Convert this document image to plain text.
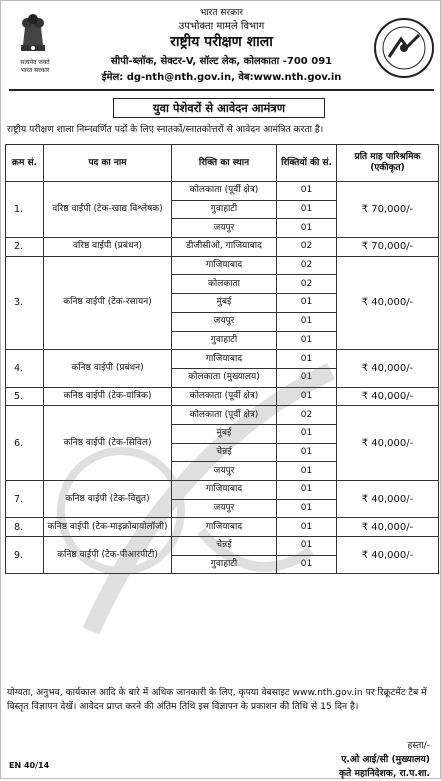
सत्यमेव जयते
भारत सरकार
भारत सरकार
उपभोक्ता मामले विभाग
राष्ट्रीय परीक्षण शाला
सीपी-ब्लॉक, सेक्टर-V, सॉल्ट लेक, कोलकाता -700 091
ईमेल: dg-nth@nth.gov.in, वेब:www.nth.gov.in
युवा पेशेवरों से आवेदन आमंत्रण
राष्ट्रीय परीक्षण शाला निम्नवर्णित पदों के लिए स्नातकों/स्नातकोत्तरों से आवेदन आमंत्रित करता है।
क्रम सं.	पद का नाम	रिक्ति का स्थान	रिक्तियों की सं.	प्रति माह पारिश्रमिक (एकीकृत)
1.	वरिष्ठ वाईपी (टेक-खाद्य विश्लेषक)	कोलकाता (पूर्वी क्षेत्र)	01	₹ 70,000/-
		गुवाहाटी	01	
		जयपुर	01	
2.	वरिष्ठ वाईपी (प्रबंधन)	डीजीसीओ, गाजियाबाद	02	₹ 70,000/-
3.	कनिष्ठ वाईपी (टेक-रसायन)	गाजियाबाद	02	₹ 40,000/-
		कोलकाता	02	
		मुंबई	01	
		जयपुर	01	
		गुवाहाटी	01	
4.	कनिष्ठ वाईपी (प्रबंधन)	गाजियाबाद	01	₹ 40,000/-
		कोलकाता (मुख्यालय)	01	
5.	कनिष्ठ वाईपी (टेक-यांत्रिक)	कोलकाता (पूर्वी क्षेत्र)	01	₹ 40,000/-
6.	कनिष्ठ वाईपी (टेक-सिविल)	कोलकाता (पूर्वी क्षेत्र)	02	₹ 40,000/-
		मुंबई	01	
		चेन्नई	01	
		जयपुर	01	
7.	कनिष्ठ वाईपी (टेक-विद्युत)	गाजियाबाद	01	₹ 40,000/-
		जयपुर	01	
8.	कनिष्ठ वाईपी (टेक-माइक्रोबायोलॉजी)	गाजियाबाद	01	₹ 40,000/-
9.	कनिष्ठ वाईपी (टेक-पीआरपीटी)	चेन्नई	01	₹ 40,000/-
		गुवाहाटी	01	
योग्यता, अनुभव, कार्यकाल आदि के बारे में अधिक जानकारी के लिए, कृपया वेबसाइट www.nth.gov.in पर रिक्रूटमेंट टैब में विस्तृत विज्ञापन देखें। आवेदन प्राप्त करने की अंतिम तिथि इस विज्ञापन के प्रकाशन की तिथि से 15 दिन है।
हस्ता/-
ए.ओ आई/सी (मुख्यालय)
कृते महानिदेशक, रा.प.शा.
EN 40/14
